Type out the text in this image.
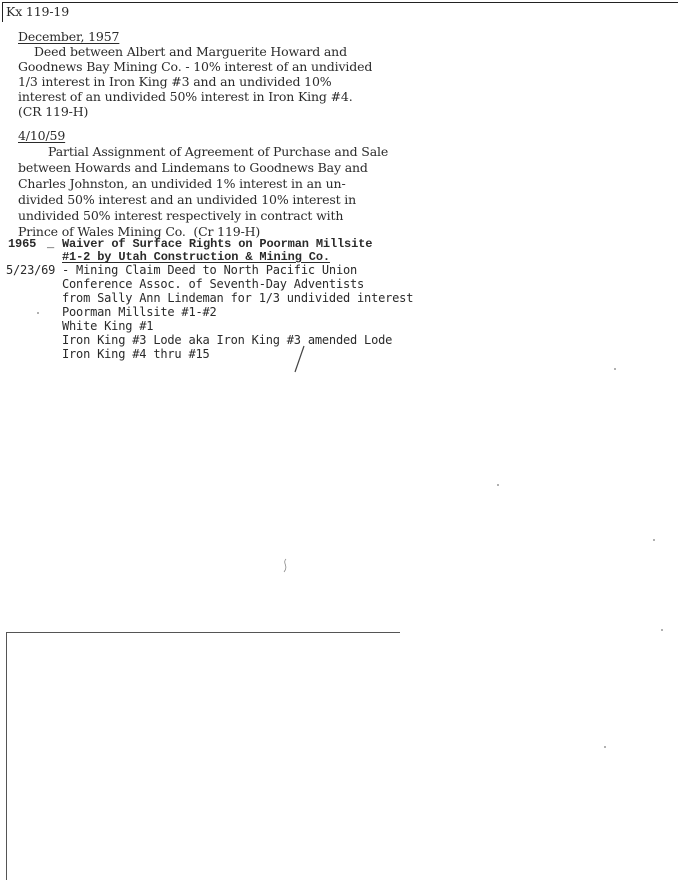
Kx 119-19
December, 1957
Deed between Albert and Marguerite Howard and
Goodnews Bay Mining Co. - 10% interest of an undivided
1/3 interest in Iron King #3 and an undivided 10%
interest of an undivided 50% interest in Iron King #4.
(CR 119-H)
4/10/59
Partial Assignment of Agreement of Purchase and Sale
between Howards and Lindemans to Goodnews Bay and
Charles Johnston, an undivided 1% interest in an un-
divided 50% interest and an undivided 10% interest in
undivided 50% interest respectively in contract with
Prince of Wales Mining Co.  (Cr 119-H)
1965 _ Waiver of Surface Rights on Poorman Millsite
#1-2 by Utah Construction & Mining Co.
5/23/69 - Mining Claim Deed to North Pacific Union
Conference Assoc. of Seventh-Day Adventists
from Sally Ann Lindeman for 1/3 undivided interest
Poorman Millsite #1-#2
White King #1
Iron King #3 Lode aka Iron King #3 amended Lode
Iron King #4 thru #15
